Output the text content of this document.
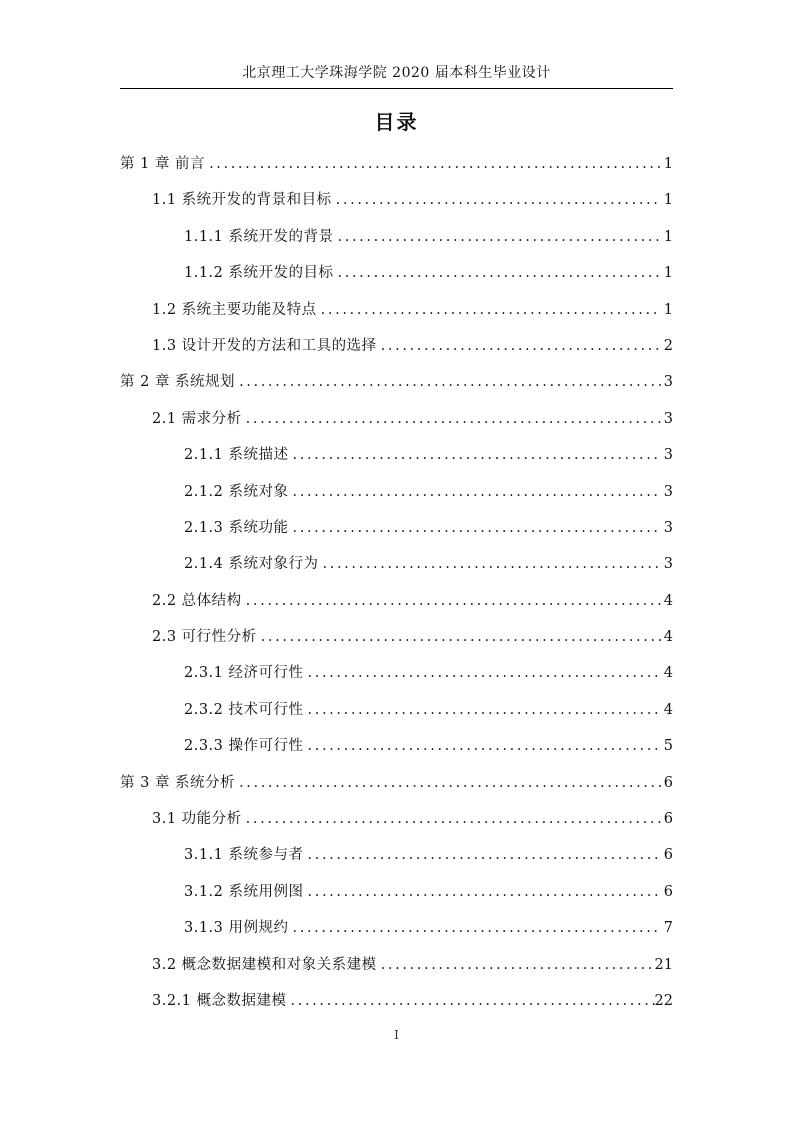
北京理工大学珠海学院 2020 届本科生毕业设计
目录
第 1 章 前言 . . .	1
1.1 系统开发的背景和目标 . . .	1
1.1.1 系统开发的背景 . . .	1
1.1.2 系统开发的目标 . . .	1
1.2 系统主要功能及特点 . . .	1
1.3 设计开发的方法和工具的选择 . . .	2
第 2 章 系统规划 . . .	3
2.1 需求分析 . . .	3
2.1.1 系统描述 . . .	3
2.1.2 系统对象 . . .	3
2.1.3 系统功能 . . .	3
2.1.4 系统对象行为 . . .	3
2.2 总体结构 . . .	4
2.3 可行性分析 . . .	4
2.3.1 经济可行性 . . .	4
2.3.2 技术可行性 . . .	4
2.3.3 操作可行性 . . .	5
第 3 章 系统分析 . . .	6
3.1 功能分析 . . .	6
3.1.1 系统参与者 . . .	6
3.1.2 系统用例图 . . .	6
3.1.3 用例规约 . . .	7
3.2 概念数据建模和对象关系建模 . . .	21
3.2.1 概念数据建模 . . .	22
I
